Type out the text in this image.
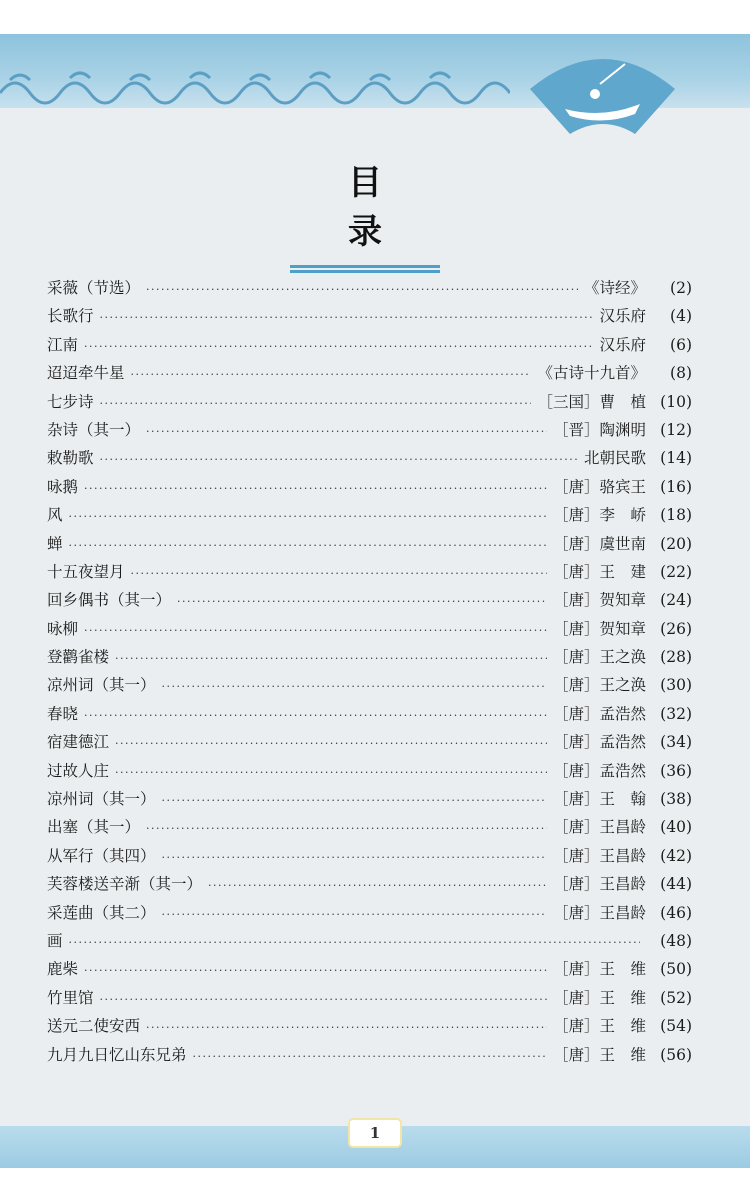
1
目 录
采薇（节选） ·····	《诗经》	(2)
长歌行 ·····	汉乐府	(4)
江南 ·····	汉乐府	(6)
迢迢牵牛星 ·····	《古诗十九首》	(8)
七步诗 ·····	［三国］曹　植 (10)
杂诗（其一） ·····	［晋］陶渊明 (12)
敕勒歌 ·····	北朝民歌 (14)
咏鹅 ·····	［唐］骆宾王 (16)
风 ·····	［唐］李　峤 (18)
蝉 ·····	［唐］虞世南 (20)
十五夜望月 ·····	［唐］王　建 (22)
回乡偶书（其一） ·····	［唐］贺知章 (24)
咏柳 ·····	［唐］贺知章 (26)
登鹳雀楼 ·····	［唐］王之涣 (28)
凉州词（其一） ·····	［唐］王之涣 (30)
春晓 ·····	［唐］孟浩然 (32)
宿建德江 ·····	［唐］孟浩然 (34)
过故人庄 ·····	［唐］孟浩然 (36)
凉州词（其一） ·····	［唐］王　翰 (38)
出塞（其一） ·····	［唐］王昌龄 (40)
从军行（其四） ·····	［唐］王昌龄 (42)
芙蓉楼送辛渐（其一） ·····	［唐］王昌龄 (44)
采莲曲（其二） ·····	［唐］王昌龄 (46)
画 ·····	(48)
鹿柴 ·····	［唐］王　维 (50)
竹里馆 ·····	［唐］王　维 (52)
送元二使安西 ·····	［唐］王　维 (54)
九月九日忆山东兄弟 ·····	［唐］王　维 (56)
